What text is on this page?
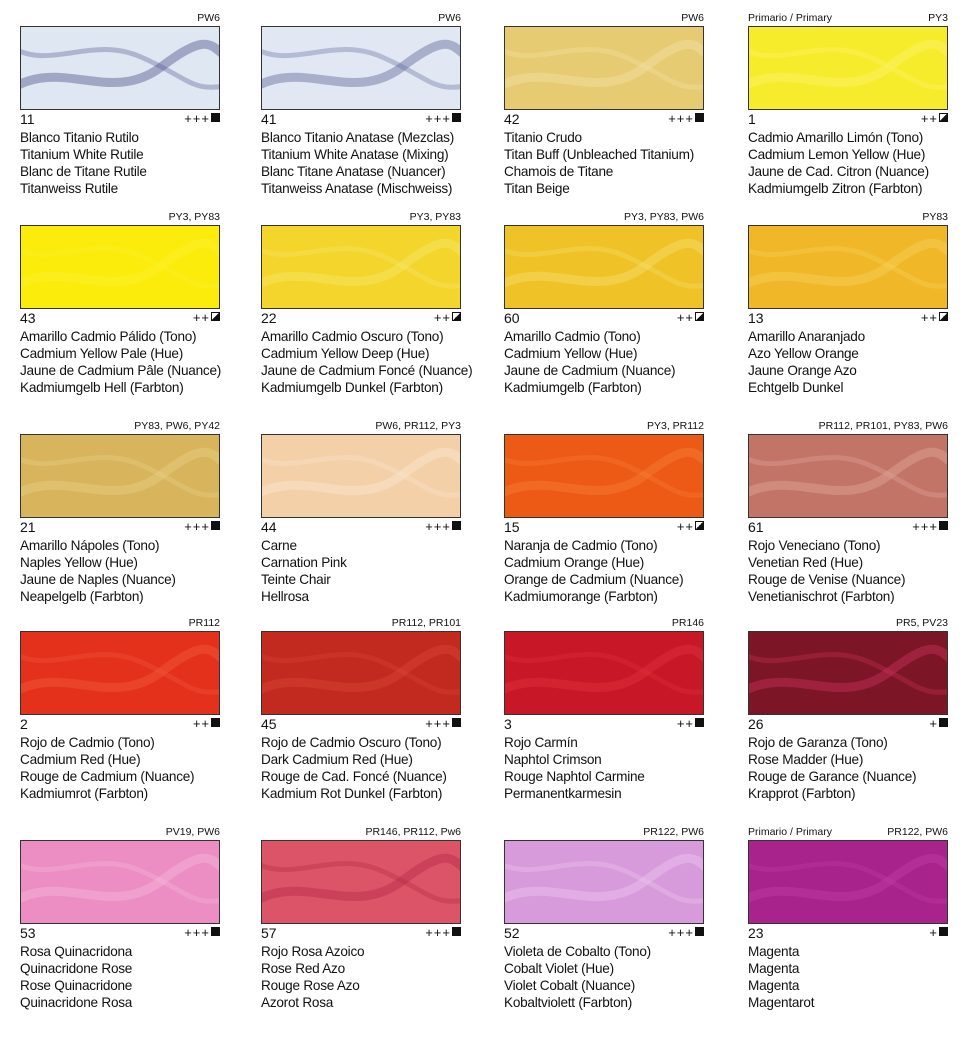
PW6
11	+++
Blanco Titanio Rutilo
Titanium White Rutile
Blanc de Titane Rutile
Titanweiss Rutile
PW6
41	+++
Blanco Titanio Anatase (Mezclas)
Titanium White Anatase (Mixing)
Blanc Titane Anatase (Nuancer)
Titanweiss Anatase (Mischweiss)
PW6
42	+++
Titanio Crudo
Titan Buff (Unbleached Titanium)
Chamois de Titane
Titan Beige
Primario / Primary	PY3
1	++
Cadmio Amarillo Limón (Tono)
Cadmium Lemon Yellow (Hue)
Jaune de Cad. Citron (Nuance)
Kadmiumgelb Zitron (Farbton)
PY3, PY83
43	++
Amarillo Cadmio Pálido (Tono)
Cadmium Yellow Pale (Hue)
Jaune de Cadmium Pâle (Nuance)
Kadmiumgelb Hell (Farbton)
PY3, PY83
22	++
Amarillo Cadmio Oscuro (Tono)
Cadmium Yellow Deep (Hue)
Jaune de Cadmium Foncé (Nuance)
Kadmiumgelb Dunkel (Farbton)
PY3, PY83, PW6
60	++
Amarillo Cadmio (Tono)
Cadmium Yellow (Hue)
Jaune de Cadmium (Nuance)
Kadmiumgelb (Farbton)
PY83
13	++
Amarillo Anaranjado
Azo Yellow Orange
Jaune Orange Azo
Echtgelb Dunkel
PY83, PW6, PY42
21	+++
Amarillo Nápoles (Tono)
Naples Yellow (Hue)
Jaune de Naples (Nuance)
Neapelgelb (Farbton)
PW6, PR112, PY3
44	+++
Carne
Carnation Pink
Teinte Chair
Hellrosa
PY3, PR112
15	++
Naranja de Cadmio (Tono)
Cadmium Orange (Hue)
Orange de Cadmium (Nuance)
Kadmiumorange (Farbton)
PR112, PR101, PY83, PW6
61	+++
Rojo Veneciano (Tono)
Venetian Red (Hue)
Rouge de Venise (Nuance)
Venetianischrot (Farbton)
PR112
2	++
Rojo de Cadmio (Tono)
Cadmium Red (Hue)
Rouge de Cadmium (Nuance)
Kadmiumrot (Farbton)
PR112, PR101
45	+++
Rojo de Cadmio Oscuro (Tono)
Dark Cadmium Red (Hue)
Rouge de Cad. Foncé (Nuance)
Kadmium Rot Dunkel (Farbton)
PR146
3	++
Rojo Carmín
Naphtol Crimson
Rouge Naphtol Carmine
Permanentkarmesin
PR5, PV23
26	+
Rojo de Garanza (Tono)
Rose Madder (Hue)
Rouge de Garance (Nuance)
Krapprot (Farbton)
PV19, PW6
53	+++
Rosa Quinacridona
Quinacridone Rose
Rose Quinacridone
Quinacridone Rosa
PR146, PR112, Pw6
57	+++
Rojo Rosa Azoico
Rose Red Azo
Rouge Rose Azo
Azorot Rosa
PR122, PW6
52	+++
Violeta de Cobalto (Tono)
Cobalt Violet (Hue)
Violet Cobalt (Nuance)
Kobaltviolett (Farbton)
Primario / Primary	PR122, PW6
23	+
Magenta
Magenta
Magenta
Magentarot
